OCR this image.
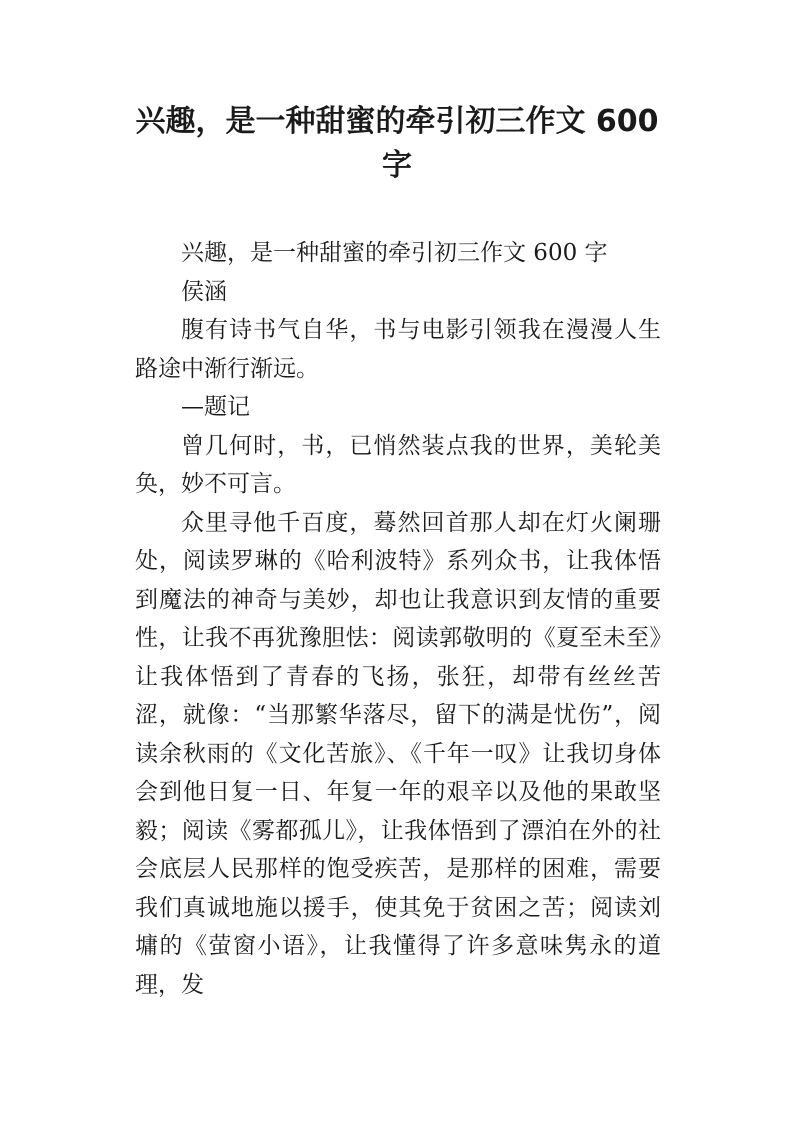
兴趣，是一种甜蜜的牵引初三作文 600 字

兴趣，是一种甜蜜的牵引初三作文 600 字

侯涵

腹有诗书气自华，书与电影引领我在漫漫人生路途中渐行渐远。

—题记

曾几何时，书，已悄然装点我的世界，美轮美奂，妙不可言。

众里寻他千百度，蓦然回首那人却在灯火阑珊处，阅读罗琳的《哈利波特》系列众书，让我体悟到魔法的神奇与美妙，却也让我意识到友情的重要性，让我不再犹豫胆怯：阅读郭敬明的《夏至未至》让我体悟到了青春的飞扬，张狂，却带有丝丝苦涩，就像：“当那繁华落尽，留下的满是忧伤”，阅读余秋雨的《文化苦旅》、《千年一叹》让我切身体会到他日复一日、年复一年的艰辛以及他的果敢坚毅；阅读《雾都孤儿》，让我体悟到了漂泊在外的社会底层人民那样的饱受疾苦，是那样的困难，需要我们真诚地施以援手，使其免于贫困之苦；阅读刘墉的《萤窗小语》，让我懂得了许多意味隽永的道理，发
